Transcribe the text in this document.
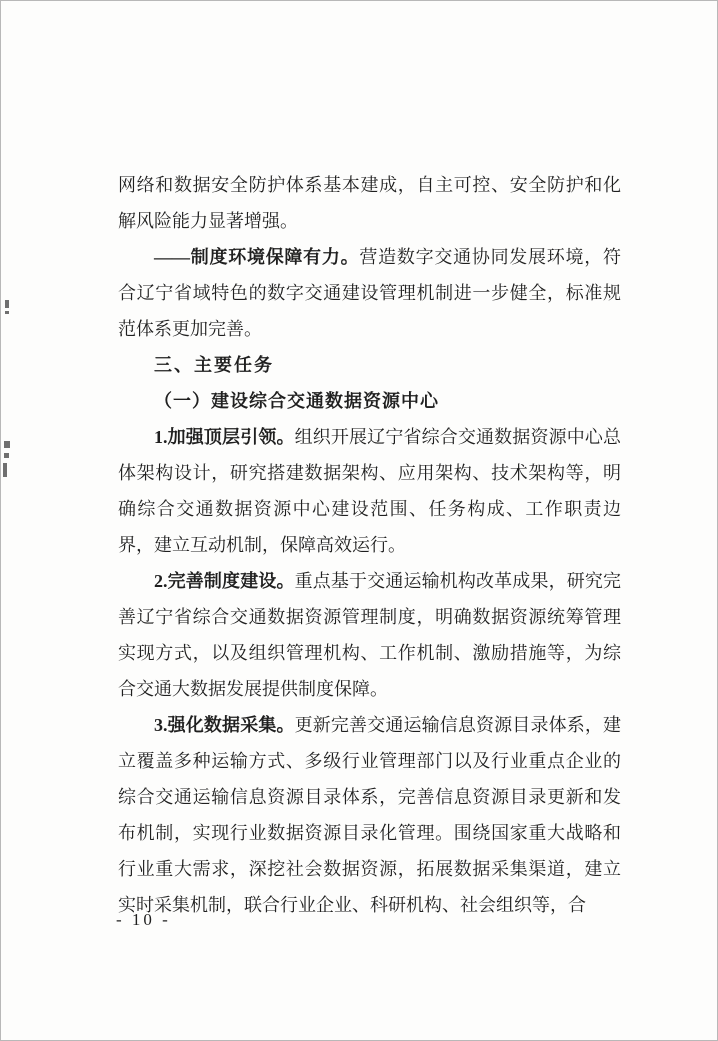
网络和数据安全防护体系基本建成，自主可控、安全防护和化解风险能力显著增强。

——制度环境保障有力。营造数字交通协同发展环境，符合辽宁省域特色的数字交通建设管理机制进一步健全，标准规范体系更加完善。

三、主要任务

（一）建设综合交通数据资源中心

1.加强顶层引领。组织开展辽宁省综合交通数据资源中心总体架构设计，研究搭建数据架构、应用架构、技术架构等，明确综合交通数据资源中心建设范围、任务构成、工作职责边界，建立互动机制，保障高效运行。

2.完善制度建设。重点基于交通运输机构改革成果，研究完善辽宁省综合交通数据资源管理制度，明确数据资源统筹管理实现方式，以及组织管理机构、工作机制、激励措施等，为综合交通大数据发展提供制度保障。

3.强化数据采集。更新完善交通运输信息资源目录体系，建立覆盖多种运输方式、多级行业管理部门以及行业重点企业的综合交通运输信息资源目录体系，完善信息资源目录更新和发布机制，实现行业数据资源目录化管理。围绕国家重大战略和行业重大需求，深挖社会数据资源，拓展数据采集渠道，建立实时采集机制，联合行业企业、科研机构、社会组织等，合

- 10 -
